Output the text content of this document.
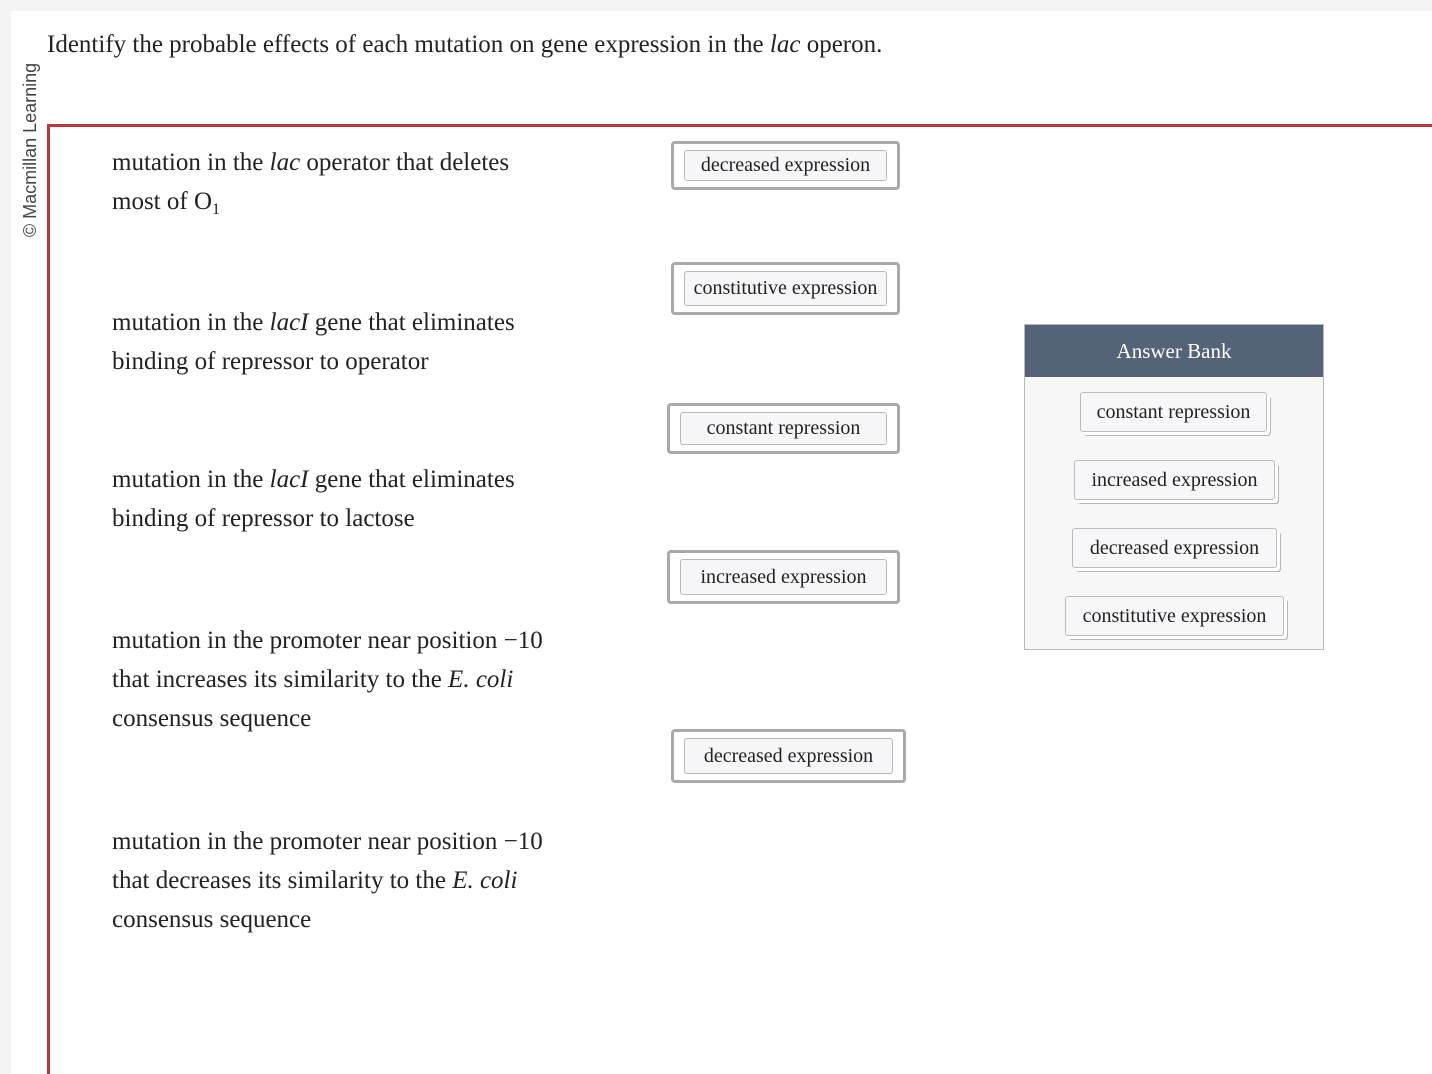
© Macmillan Learning
Identify the probable effects of each mutation on gene expression in the lac operon.
mutation in the lac operator that deletes
most of $O_1$
decreased expression
mutation in the lacI gene that eliminates
binding of repressor to operator
constitutive expression
mutation in the lacI gene that eliminates
binding of repressor to lactose
constant repression
mutation in the promoter near position −10
that increases its similarity to the E. coli
consensus sequence
increased expression
mutation in the promoter near position −10
that decreases its similarity to the E. coli
consensus sequence
decreased expression
Answer Bank
constant repression
increased expression
decreased expression
constitutive expression
